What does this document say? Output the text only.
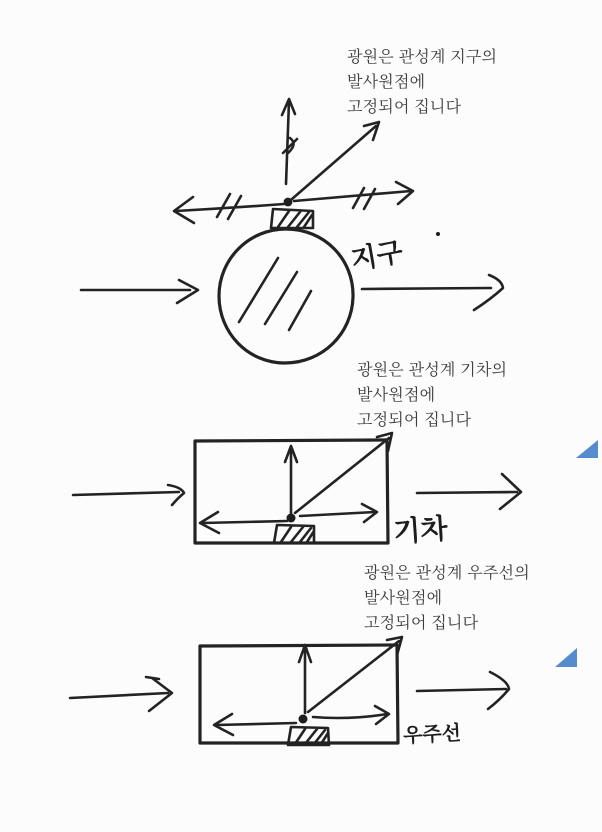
지구
기차
우주선
광원은 관성계 지구의
발사원점에
고정되어 집니다
광원은 관성계 기차의
발사원점에
고정되어 집니다
광원은 관성계 우주선의
발사원점에
고정되어 집니다
